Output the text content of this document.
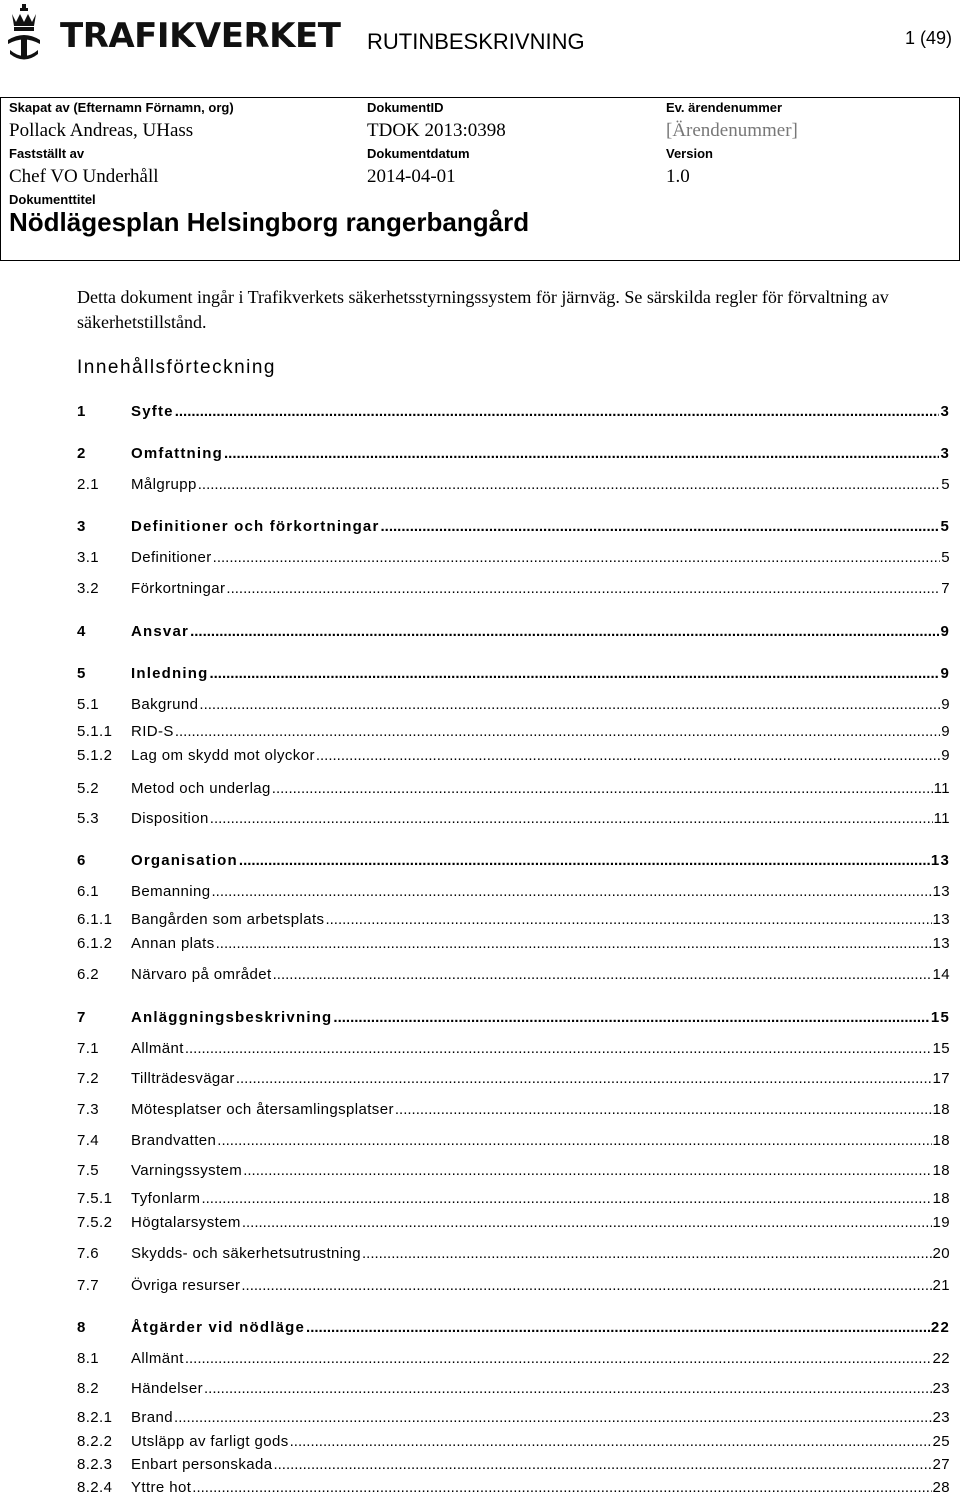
TRAFIKVERKET RUTINBESKRIVNING	1 (49)
Skapat av (Efternamn Förnamn, org)
Pollack Andreas, UHass
DokumentID
TDOK 2013:0398
Ev. ärendenummer
[Ärendenummer]
Fastställt av
Chef VO Underhåll
Dokumentdatum
2014-04-01
Version
1.0
Dokumenttitel
Nödlägesplan Helsingborg rangerbangård
Detta dokument ingår i Trafikverkets säkerhetsstyrningssystem för järnväg. Se särskilda regler för förvaltning av säkerhetstillstånd.
Innehållsförteckning
1	Syfte .....	3
2	Omfattning .....	3
2.1	Målgrupp .....	5
3	Definitioner och förkortningar .....	5
3.1	Definitioner .....	5
3.2	Förkortningar .....	7
4	Ansvar .....	9
5	Inledning .....	9
5.1	Bakgrund .....	9
5.1.1	RID-S .....	9
5.1.2	Lag om skydd mot olyckor .....	9
5.2	Metod och underlag .....	11
5.3	Disposition .....	11
6	Organisation .....	13
6.1	Bemanning .....	13
6.1.1	Bangården som arbetsplats .....	13
6.1.2	Annan plats .....	13
6.2	Närvaro på området .....	14
7	Anläggningsbeskrivning .....	15
7.1	Allmänt .....	15
7.2	Tillträdesvägar .....	17
7.3	Mötesplatser och återsamlingsplatser .....	18
7.4	Brandvatten .....	18
7.5	Varningssystem .....	18
7.5.1	Tyfonlarm .....	18
7.5.2	Högtalarsystem .....	19
7.6	Skydds- och säkerhetsutrustning .....	20
7.7	Övriga resurser .....	21
8	Åtgärder vid nödläge .....	22
8.1	Allmänt .....	22
8.2	Händelser .....	23
8.2.1	Brand .....	23
8.2.2	Utsläpp av farligt gods .....	25
8.2.3	Enbart personskada .....	27
8.2.4	Yttre hot .....	28
